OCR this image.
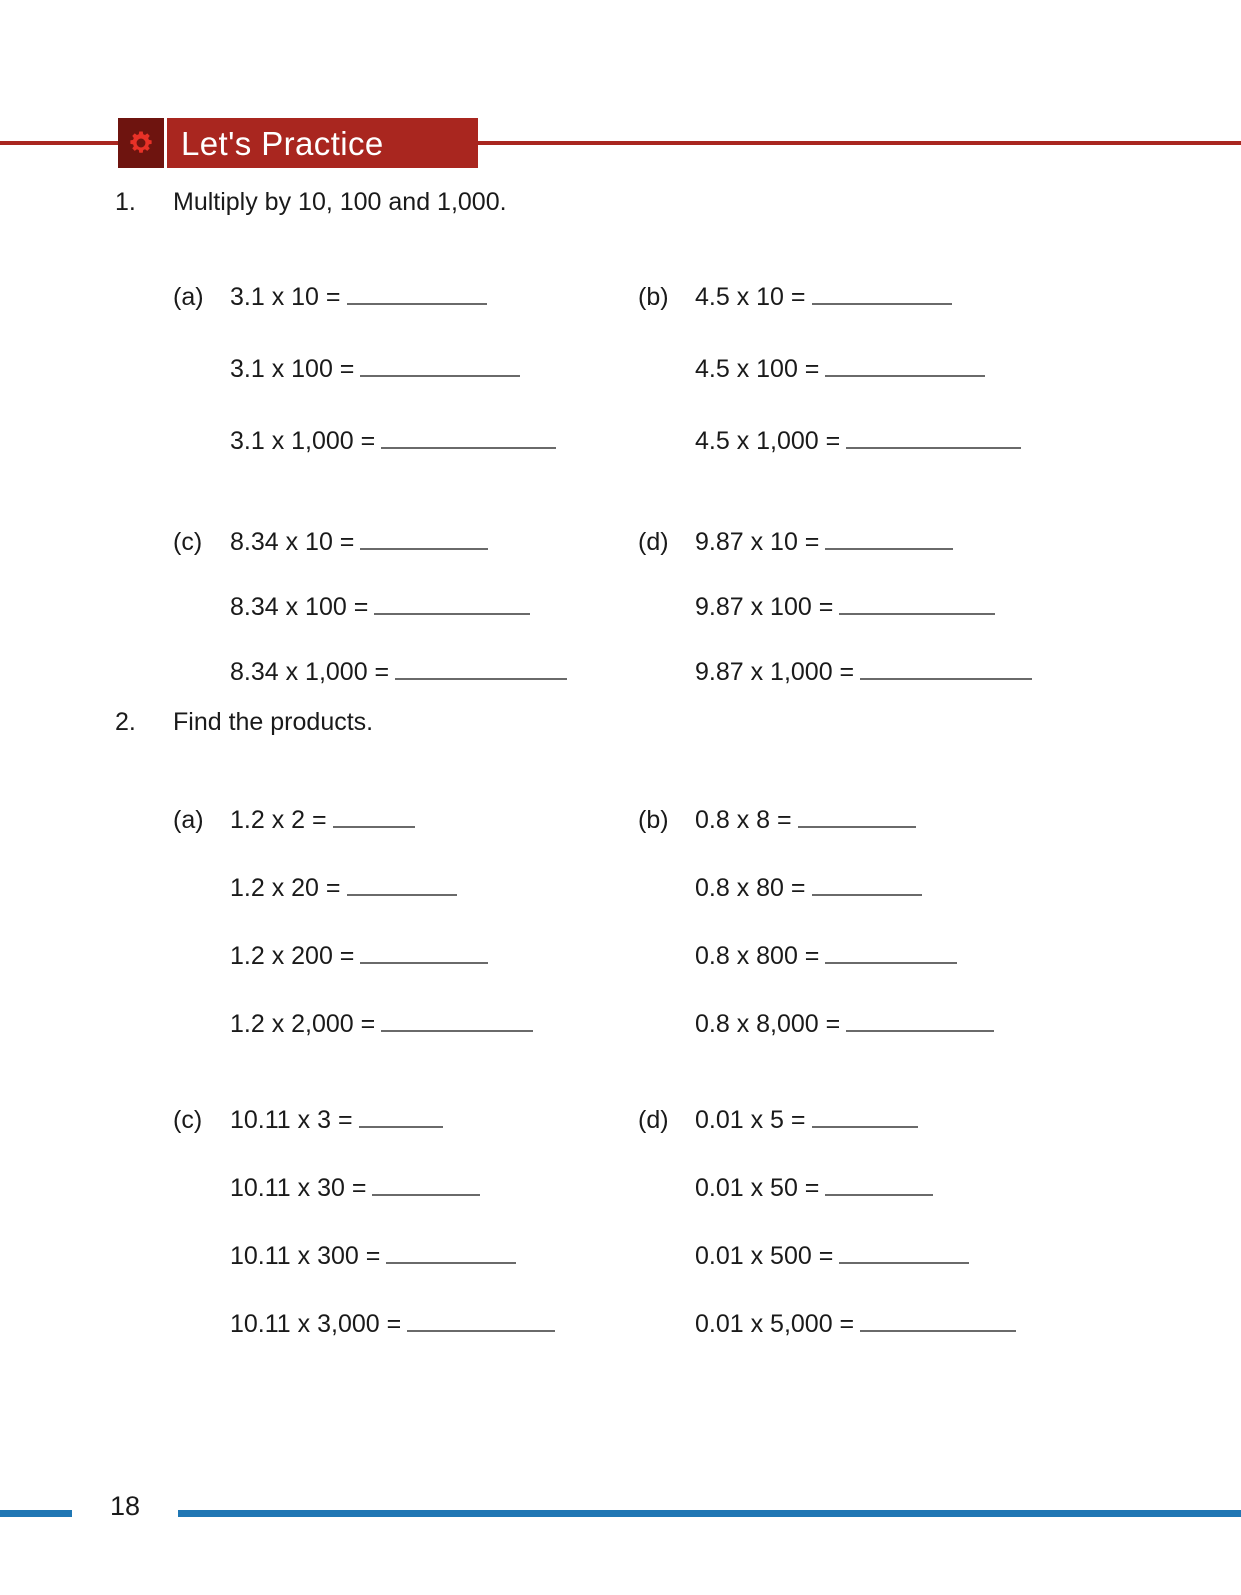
Let's Practice
1. Multiply by 10, 100 and 1,000.
(a) 3.1 x 10 =
3.1 x 100 =
3.1 x 1,000 =
(b) 4.5 x 10 =
4.5 x 100 =
4.5 x 1,000 =
(c) 8.34 x 10 =
8.34 x 100 =
8.34 x 1,000 =
(d) 9.87 x 10 =
9.87 x 100 =
9.87 x 1,000 =
2. Find the products.
(a) 1.2 x 2 =
1.2 x 20 =
1.2 x 200 =
1.2 x 2,000 =
(b) 0.8 x 8 =
0.8 x 80 =
0.8 x 800 =
0.8 x 8,000 =
(c) 10.11 x 3 =
10.11 x 30 =
10.11 x 300 =
10.11 x 3,000 =
(d) 0.01 x 5 =
0.01 x 50 =
0.01 x 500 =
0.01 x 5,000 =
18
